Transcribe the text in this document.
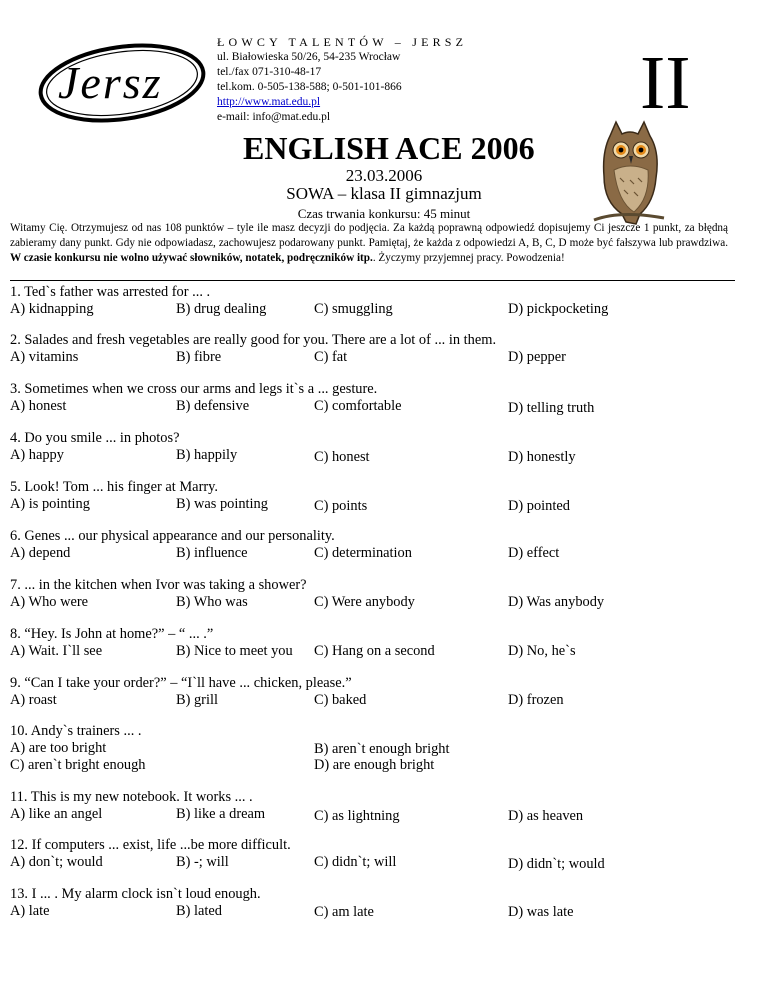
Jersz
ŁOWCY TALENTÓW – JERSZ
ul. Białowieska 50/26, 54-235 Wrocław
tel./fax 071-310-48-17
tel.kom. 0-505-138-588; 0-501-101-866
http://www.mat.edu.pl
e-mail: info@mat.edu.pl	II
ENGLISH ACE 2006
23.03.2006
SOWA – klasa II gimnazjum
Czas trwania konkursu: 45 minut
Witamy Cię. Otrzymujesz od nas 108 punktów – tyle ile masz decyzji do podjęcia. Za każdą poprawną odpowiedź dopisujemy Ci jeszcze 1 punkt, za błędną zabieramy dany punkt. Gdy nie odpowiadasz, zachowujesz podarowany punkt. Pamiętaj, że każda z odpowiedzi A, B, C, D może być fałszywa lub prawdziwa. W czasie konkursu nie wolno używać słowników, notatek, podręczników itp.. Życzymy przyjemnej pracy. Powodzenia!
1. Ted`s father was arrested for ... .
A) kidnapping	B) drug dealing	C) smuggling	D) pickpocketing
2. Salades and fresh vegetables are really good for you. There are a lot of ... in them.
A) vitamins	B) fibre	C) fat	D) pepper
3. Sometimes when we cross our arms and legs it`s a ... gesture.
A) honest	B) defensive	C) comfortable	D) telling truth
4. Do you smile ... in photos?
A) happy	B) happily	C) honest	D) honestly
5. Look! Tom ... his finger at Marry.
A) is pointing	B) was pointing	C) points	D) pointed
6. Genes ... our physical appearance and our personality.
A) depend	B) influence	C) determination	D) effect
7. ... in the kitchen when Ivor was taking a shower?
A) Who were	B) Who was	C) Were anybody	D) Was anybody
8. “Hey. Is John at home?” – “ ... .”
A) Wait. I`ll see	B) Nice to meet you C) Hang on a second	D) No, he`s
9. “Can I take your order?” – “I`ll have ... chicken, please.”
A) roast	B) grill	C) baked	D) frozen
10. Andy`s trainers ... .
A) are too bright	B) aren`t enough bright
C) aren`t bright enough	D) are enough bright
11. This is my new notebook. It works ... .
A) like an angel	B) like a dream	C) as lightning	D) as heaven
12. If computers ... exist, life ...be more difficult.
A) don`t; would	B) -; will	C) didn`t; will	D) didn`t; would
13. I ... . My alarm clock isn`t loud enough.
A) late	B) lated	C) am late	D) was late
